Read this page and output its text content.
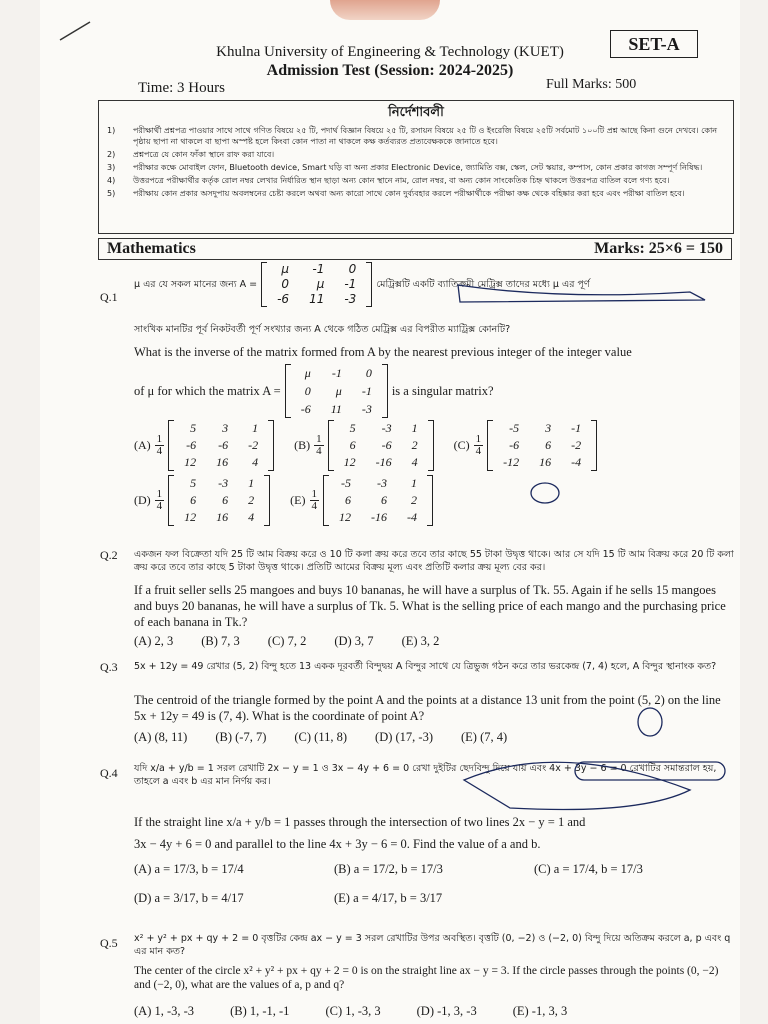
SET-A
Khulna University of Engineering & Technology (KUET)
Admission Test (Session: 2024-2025)
Time: 3 Hours	Full Marks: 500
নির্দেশাবলী
1) পরীক্ষার্থী প্রশ্নপত্র পাওয়ার সাথে সাথে গণিত বিষয়ে ২৫ টি, পদার্থ বিজ্ঞান বিষয়ে ২৫ টি, রসায়ন বিষয়ে ২৫ টি ও ইংরেজি বিষয়ে ২৫টি সর্বমোট ১০০টি প্রশ্ন আছে কিনা গুনে দেখবে। কোন পৃষ্ঠায় ছাপা না থাকলে বা ছাপা অস্পষ্ট হলে কিংবা কোন পাতা না থাকলে কক্ষ কর্তব্যরত প্রত্যবেক্ষককে জানাতে হবে।
2) প্রশ্নপত্রে যে কোন ফাঁকা স্থানে রাফ করা যাবে।
3) পরীক্ষার কক্ষে মোবাইল ফোন, Bluetooth device, Smart ঘড়ি বা অন্য প্রকার Electronic Device, জ্যামিতি বক্স, স্কেল, সেট স্কয়ার, কম্পাস, কোন প্রকার কাগজ সম্পূর্ণ নিষিদ্ধ।
4) উত্তরপত্রে পরীক্ষার্থীর কর্তৃক রোল নম্বর লেখার নির্ধারিত স্থান ছাড়া অন্য কোন স্থানে নাম, রোল নম্বর, বা অন্য কোন সাংকেতিক চিহ্ন থাকলে উত্তরপত্র বাতিল বলে গণ্য হবে।
5) পরীক্ষায় কোন প্রকার অসদুপায় অবলম্বনের চেষ্টা করলে অথবা অন্য কারো সাথে কোন দুর্ব্যবহার করলে পরীক্ষার্থীকে পরীক্ষা কক্ষ থেকে বহিষ্কার করা হবে এবং পরীক্ষা বাতিল হবে।
Mathematics	Marks: 25×6 = 150
Q.1
μ এর যে সকল মানের জন্য A =
μ	-1	0
0	μ	-1
-6	11	-3
মেট্রিক্সটি একটি ব্যাতিক্রমী মেট্রিক্স তাদের মধ্যে μ এর পূর্ণ
সাংখিক মানটির পূর্ব নিকটবর্তী পূর্ণ সংখ্যার জন্য A থেকে গঠিত মেট্রিক্স এর বিপরীত ম্যাট্রিক্স কোনটি?
What is the inverse of the matrix formed from A by the nearest previous integer of the integer value
of μ for which the matrix A =
μ	-1	0
0	μ	-1
-6	11	-3
is a singular matrix?
$(A) \frac{1}{4}$
5	3	1
-6	-6	-2
12	16	4
$(B) \frac{1}{4}$
5	-3	1
6	-6	2
12	-16	4
$(C) \frac{1}{4}$
-5	3	-1
-6	6	-2
-12	16	-4
$(D) \frac{1}{4}$
5	-3	1
6	6	2
12	16	4
$(E) \frac{1}{4}$
-5	-3	1
6	6	2
12	-16	-4
Q.2 একজন ফল বিক্রেতা যদি 25 টি আম বিক্রয় করে ও 10 টি কলা ক্রয় করে তবে তার কাছে 55 টাকা উদ্বৃত্ত থাকে। আর সে যদি 15 টি আম বিক্রয় করে 20 টি কলা ক্রয় করে তবে তার কাছে 5 টাকা উদ্বৃত্ত থাকে। প্রতিটি আমের বিক্রয় মূল্য এবং প্রতিটি কলার ক্রয় মূল্য বের কর।
If a fruit seller sells 25 mangoes and buys 10 bananas, he will have a surplus of Tk. 55. Again if he sells 15 mangoes and buys 20 bananas, he will have a surplus of Tk. 5. What is the selling price of each mango and the purchasing price of each banana in Tk.?
(A) 2, 3 (B) 7, 3 (C) 7, 2 (D) 3, 7 (E) 3, 2
Q.3 5x + 12y = 49 রেখার (5, 2) বিন্দু হতে 13 একক দূরবর্তী বিন্দুদ্বয় A বিন্দুর সাথে যে ত্রিভুজ গঠন করে তার ভরকেন্দ্র (7, 4) হলে, A বিন্দুর স্থানাংক কত?
The centroid of the triangle formed by the point A and the points at a distance 13 unit from the point (5, 2) on the line 5x + 12y = 49 is (7, 4). What is the coordinate of point A?
(A) (8, 11) (B) (-7, 7) (C) (11, 8) (D) (17, -3) (E) (7, 4)
Q.4 যদি x/a + y/b = 1 সরল রেখাটি 2x − y = 1 ও 3x − 4y + 6 = 0 রেখা দুইটির ছেদবিন্দু দিয়ে যায় এবং 4x + 3y − 6 = 0 রেখাটির সমান্তরাল হয়, তাহলে a এবং b এর মান নির্ণয় কর।
If the straight line x/a + y/b = 1 passes through the intersection of two lines 2x − y = 1 and
3x − 4y + 6 = 0 and parallel to the line 4x + 3y − 6 = 0. Find the value of a and b.
(A) a = 17/3, b = 17/4	(B) a = 17/2, b = 17/3	(C) a = 17/4, b = 17/3
(D) a = 3/17, b = 4/17	(E) a = 4/17, b = 3/17
Q.5 x² + y² + px + qy + 2 = 0 বৃত্তটির কেন্দ্র ax − y = 3 সরল রেখাটির উপর অবস্থিত। বৃত্তটি (0, −2) ও (−2, 0) বিন্দু দিয়ে অতিক্রম করলে a, p এবং q এর মান কত?
The center of the circle x² + y² + px + qy + 2 = 0 is on the straight line ax − y = 3. If the circle passes through the points (0, −2) and (−2, 0), what are the values of a, p and q?
(A) 1, -3, -3	(B) 1, -1, -1	(C) 1, -3, 3	(D) -1, 3, -3	(E) -1, 3, 3
